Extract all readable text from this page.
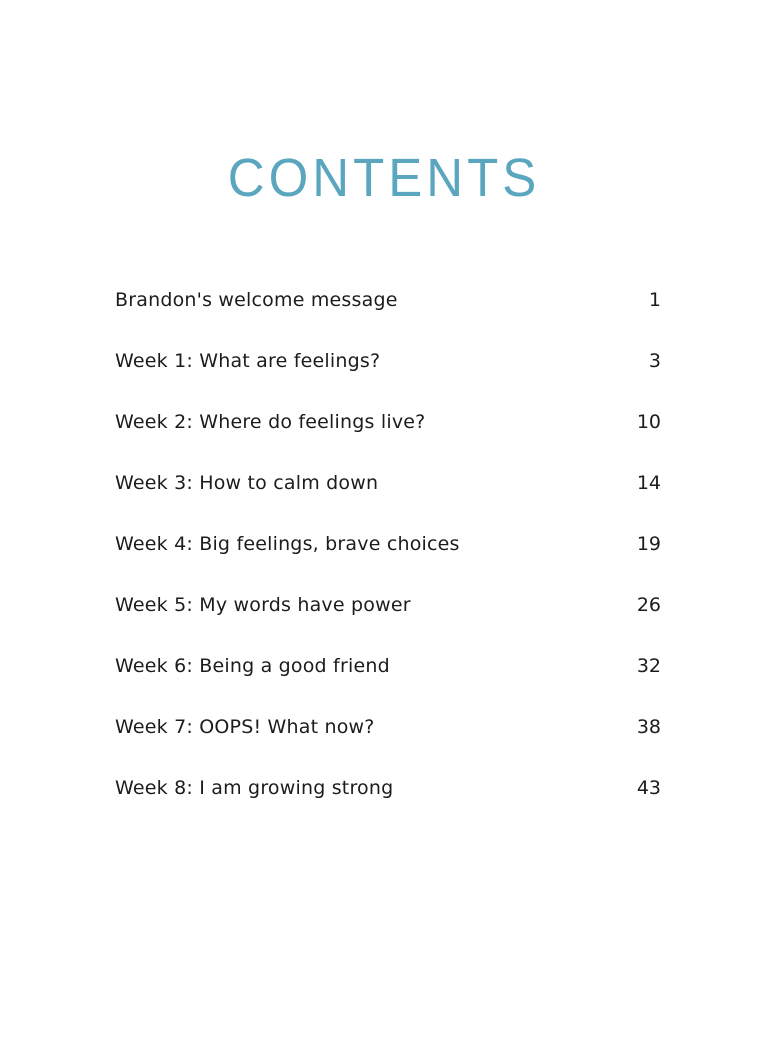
CONTENTS
Brandon's welcome message	1
Week 1: What are feelings?	3
Week 2: Where do feelings live?	10
Week 3: How to calm down	14
Week 4: Big feelings, brave choices	19
Week 5: My words have power	26
Week 6: Being a good friend	32
Week 7: OOPS! What now?	38
Week 8: I am growing strong	43
